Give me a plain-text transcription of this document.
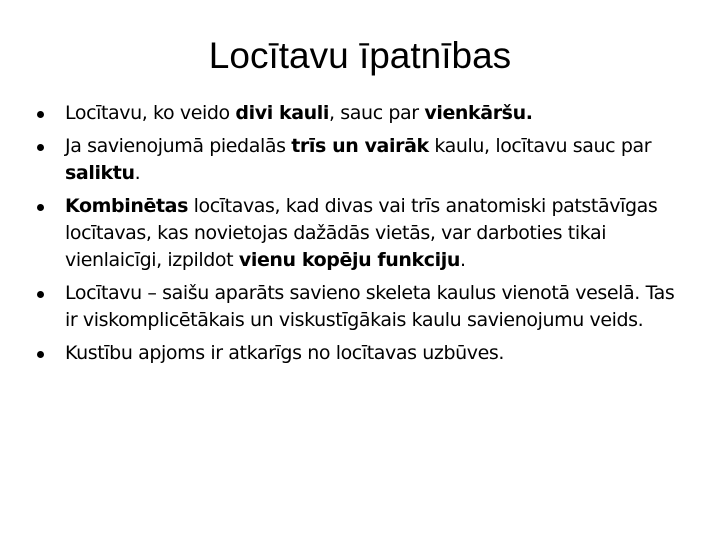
Locītavu īpatnības
Locītavu, ko veido divi kauli, sauc par vienkāršu.
Ja savienojumā piedalās trīs un vairāk kaulu, locītavu sauc par saliktu.
Kombinētas locītavas, kad divas vai trīs anatomiski patstāvīgas locītavas, kas novietojas dažādās vietās, var darboties tikai vienlaicīgi, izpildot vienu kopēju funkciju.
Locītavu – saišu aparāts savieno skeleta kaulus vienotā veselā. Tas ir viskomplicētākais un viskustīgākais kaulu savienojumu veids.
Kustību apjoms ir atkarīgs no locītavas uzbūves.
